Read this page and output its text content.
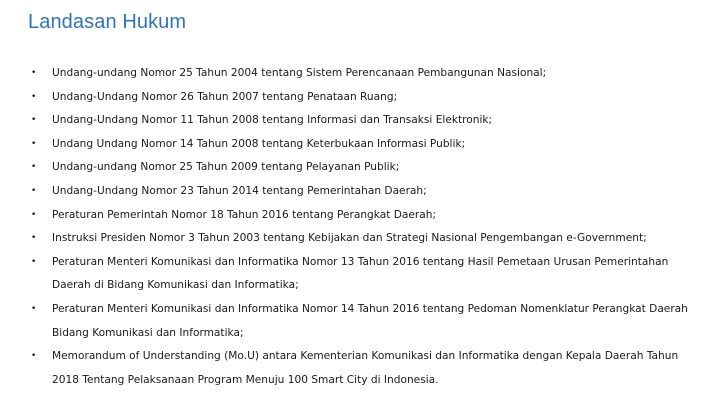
Landasan Hukum
• Undang-undang Nomor 25 Tahun 2004 tentang Sistem Perencanaan Pembangunan Nasional;
• Undang-Undang Nomor 26 Tahun 2007 tentang Penataan Ruang;
• Undang-Undang Nomor 11 Tahun 2008 tentang Informasi dan Transaksi Elektronik;
• Undang Undang Nomor 14 Tahun 2008 tentang Keterbukaan Informasi Publik;
• Undang-undang Nomor 25 Tahun 2009 tentang Pelayanan Publik;
• Undang-Undang Nomor 23 Tahun 2014 tentang Pemerintahan Daerah;
• Peraturan Pemerintah Nomor 18 Tahun 2016 tentang Perangkat Daerah;
• Instruksi Presiden Nomor 3 Tahun 2003 tentang Kebijakan dan Strategi Nasional Pengembangan e-Government;
• Peraturan Menteri Komunikasi dan Informatika Nomor 13 Tahun 2016 tentang Hasil Pemetaan Urusan Pemerintahan Daerah di Bidang Komunikasi dan Informatika;
• Peraturan Menteri Komunikasi dan Informatika Nomor 14 Tahun 2016 tentang Pedoman Nomenklatur Perangkat Daerah Bidang Komunikasi dan Informatika;
• Memorandum of Understanding (Mo.U) antara Kementerian Komunikasi dan Informatika dengan Kepala Daerah Tahun 2018 Tentang Pelaksanaan Program Menuju 100 Smart City di Indonesia.
